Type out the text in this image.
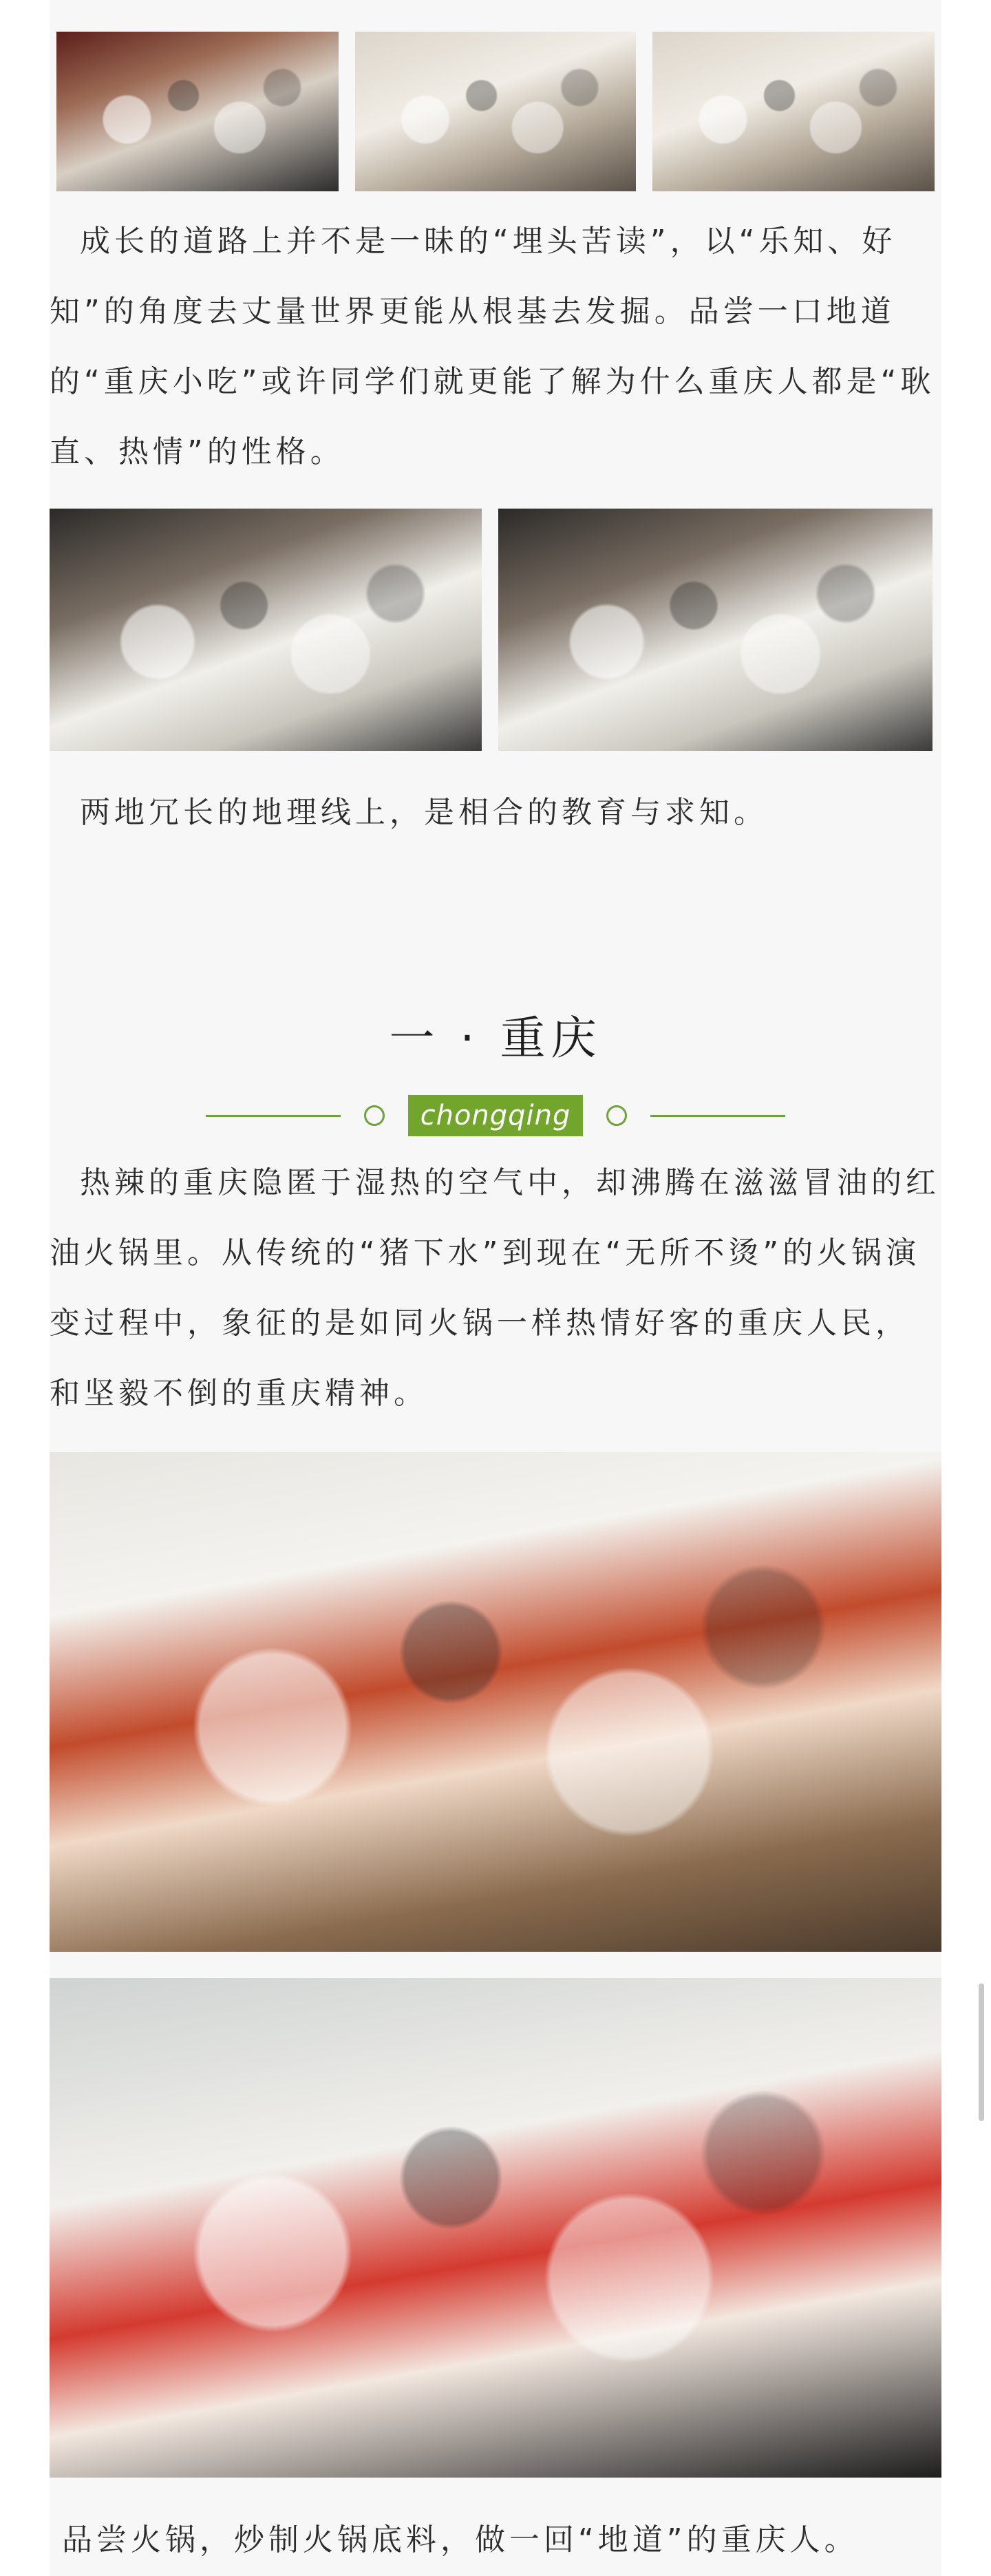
成长的道路上并不是一昧的“埋头苦读”，以“乐知、好知”的角度去丈量世界更能从根基去发掘。品尝一口地道的“重庆小吃”或许同学们就更能了解为什么重庆人都是“耿直、热情”的性格。

两地冗长的地理线上，是相合的教育与求知。

一 · 重庆
chongqing

热辣的重庆隐匿于湿热的空气中，却沸腾在滋滋冒油的红油火锅里。从传统的“猪下水”到现在“无所不烫”的火锅演变过程中，象征的是如同火锅一样热情好客的重庆人民，和坚毅不倒的重庆精神。

品尝火锅，炒制火锅底料，做一回“地道”的重庆人。
